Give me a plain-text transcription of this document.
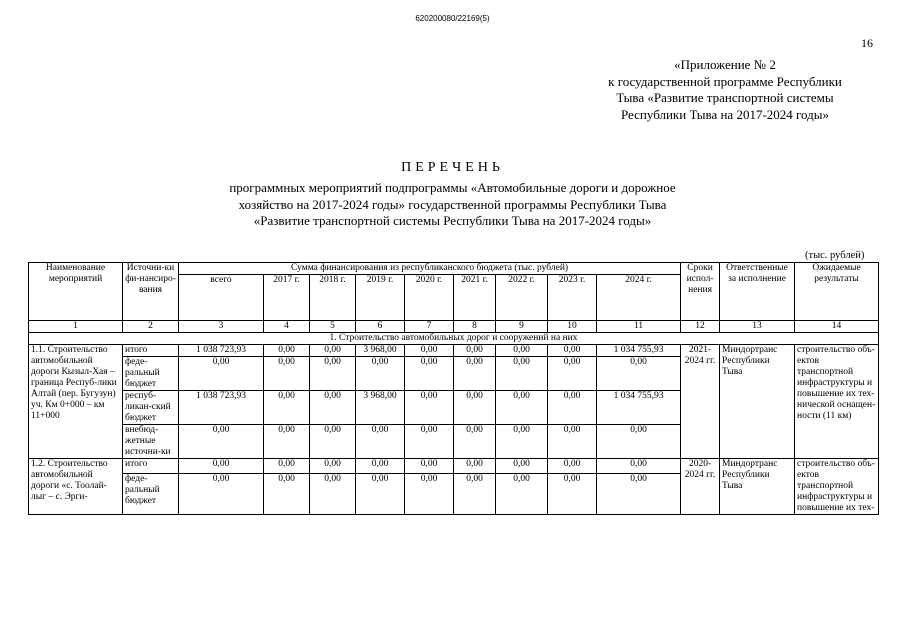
620200080/22169(5)
16
«Приложение № 2
к государственной программе Республики
Тыва «Развитие транспортной системы
Республики Тыва на 2017-2024 годы»
ПЕРЕЧЕНЬ
программных мероприятий подпрограммы «Автомобильные дороги и дорожное
хозяйство на 2017-2024 годы» государственной программы Республики Тыва
«Развитие транспортной системы Республики Тыва на 2017-2024 годы»
(тыс. рублей)
Наименование мероприятий	Источни-ки фи-нансиро-вания	Сумма финансирования из республиканского бюджета (тыс. рублей)									Сроки испол-нения	Ответственные за исполнение	Ожидаемые результаты
		всего	2017 г.	2018 г.	2019 г.	2020 г.	2021 г.	2022 г.	2023 г.	2024 г.			
1	2	3	4	5	6	7	8	9	10	11	12	13	14
1. Строительство автомобильных дорог и сооружений на них													
1.1. Строительство автомобильной дороги Кызыл-Хая – граница Респуб-лики Алтай (пер. Бугузун) уч. Км 0+000 – км 11+000	итого	1 038 723,93	0,00	0,00	3 968,00	0,00	0,00	0,00	0,00	1 034 755,93	2021-2024 гг.	Миндортранс Республики Тыва	строительство объ-ектов транспортной инфраструктуры и повышение их тех-нической оснащен-ности (11 км)
	феде-ральный бюджет	0,00	0,00	0,00	0,00	0,00	0,00	0,00	0,00	0,00			
	респуб-ликан-ский бюджет	1 038 723,93	0,00	0,00	3 968,00	0,00	0,00	0,00	0,00	1 034 755,93			
	внебюд-жетные источни-ки	0,00	0,00	0,00	0,00	0,00	0,00	0,00	0,00	0,00			
1.2. Строительство автомобильной дороги «с. Тоолай-лыг – с. Эрги-	итого	0,00	0,00	0,00	0,00	0,00	0,00	0,00	0,00	0,00	2020-2024 гг.	Миндортранс Республики Тыва	строительство объ-ектов транспортной инфраструктуры и повышение их тех-
	феде-ральный бюджет	0,00	0,00	0,00	0,00	0,00	0,00	0,00	0,00	0,00			
